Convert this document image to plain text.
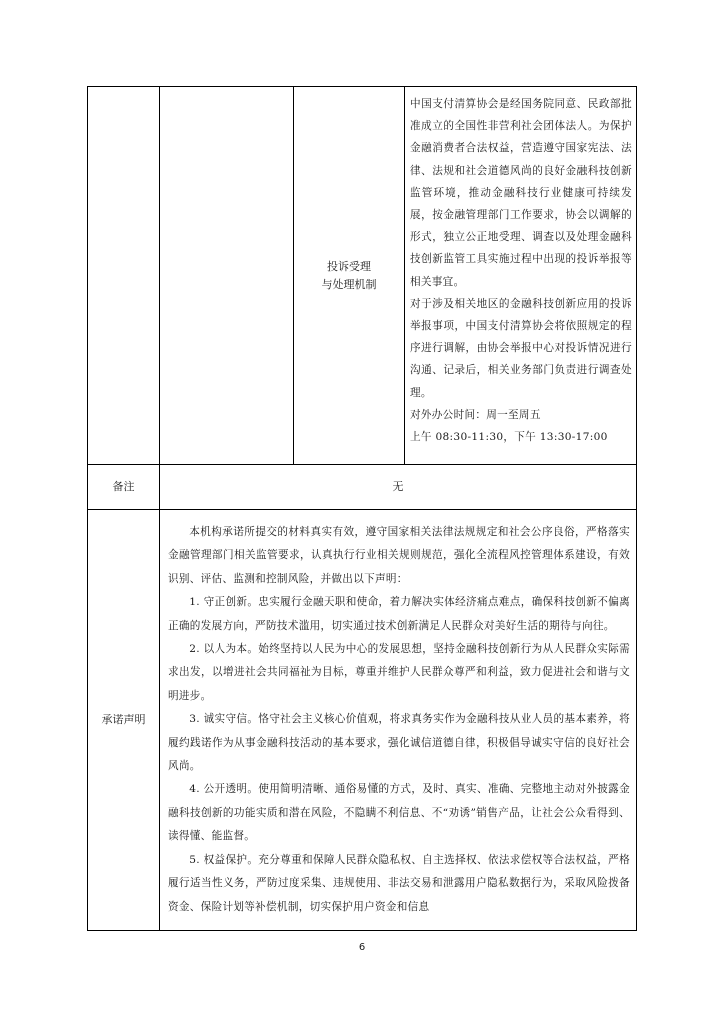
投诉受理
与处理机制

中国支付清算协会是经国务院同意、民政部批准成立的全国性非营利社会团体法人。为保护金融消费者合法权益，营造遵守国家宪法、法律、法规和社会道德风尚的良好金融科技创新监管环境，推动金融科技行业健康可持续发展，按金融管理部门工作要求，协会以调解的形式，独立公正地受理、调查以及处理金融科技创新监管工具实施过程中出现的投诉举报等相关事宜。

对于涉及相关地区的金融科技创新应用的投诉举报事项，中国支付清算协会将依照规定的程序进行调解，由协会举报中心对投诉情况进行沟通、记录后，相关业务部门负责进行调查处理。

对外办公时间：周一至周五

上午 08:30-11:30，下午 13:30-17:00

备注	无
承诺声明

本机构承诺所提交的材料真实有效，遵守国家相关法律法规规定和社会公序良俗，严格落实金融管理部门相关监管要求，认真执行行业相关规则规范，强化全流程风控管理体系建设，有效识别、评估、监测和控制风险，并做出以下声明：

1. 守正创新。忠实履行金融天职和使命，着力解决实体经济痛点难点，确保科技创新不偏离正确的发展方向，严防技术滥用，切实通过技术创新满足人民群众对美好生活的期待与向往。

2. 以人为本。始终坚持以人民为中心的发展思想，坚持金融科技创新行为从人民群众实际需求出发，以增进社会共同福祉为目标，尊重并维护人民群众尊严和利益，致力促进社会和谐与文明进步。

3. 诚实守信。恪守社会主义核心价值观，将求真务实作为金融科技从业人员的基本素养，将履约践诺作为从事金融科技活动的基本要求，强化诚信道德自律，积极倡导诚实守信的良好社会风尚。

4. 公开透明。使用简明清晰、通俗易懂的方式，及时、真实、准确、完整地主动对外披露金融科技创新的功能实质和潜在风险，不隐瞒不利信息、不“劝诱”销售产品，让社会公众看得到、读得懂、能监督。

5. 权益保护。充分尊重和保障人民群众隐私权、自主选择权、依法求偿权等合法权益，严格履行适当性义务，严防过度采集、违规使用、非法交易和泄露用户隐私数据行为，采取风险拨备资金、保险计划等补偿机制，切实保护用户资金和信息

6
